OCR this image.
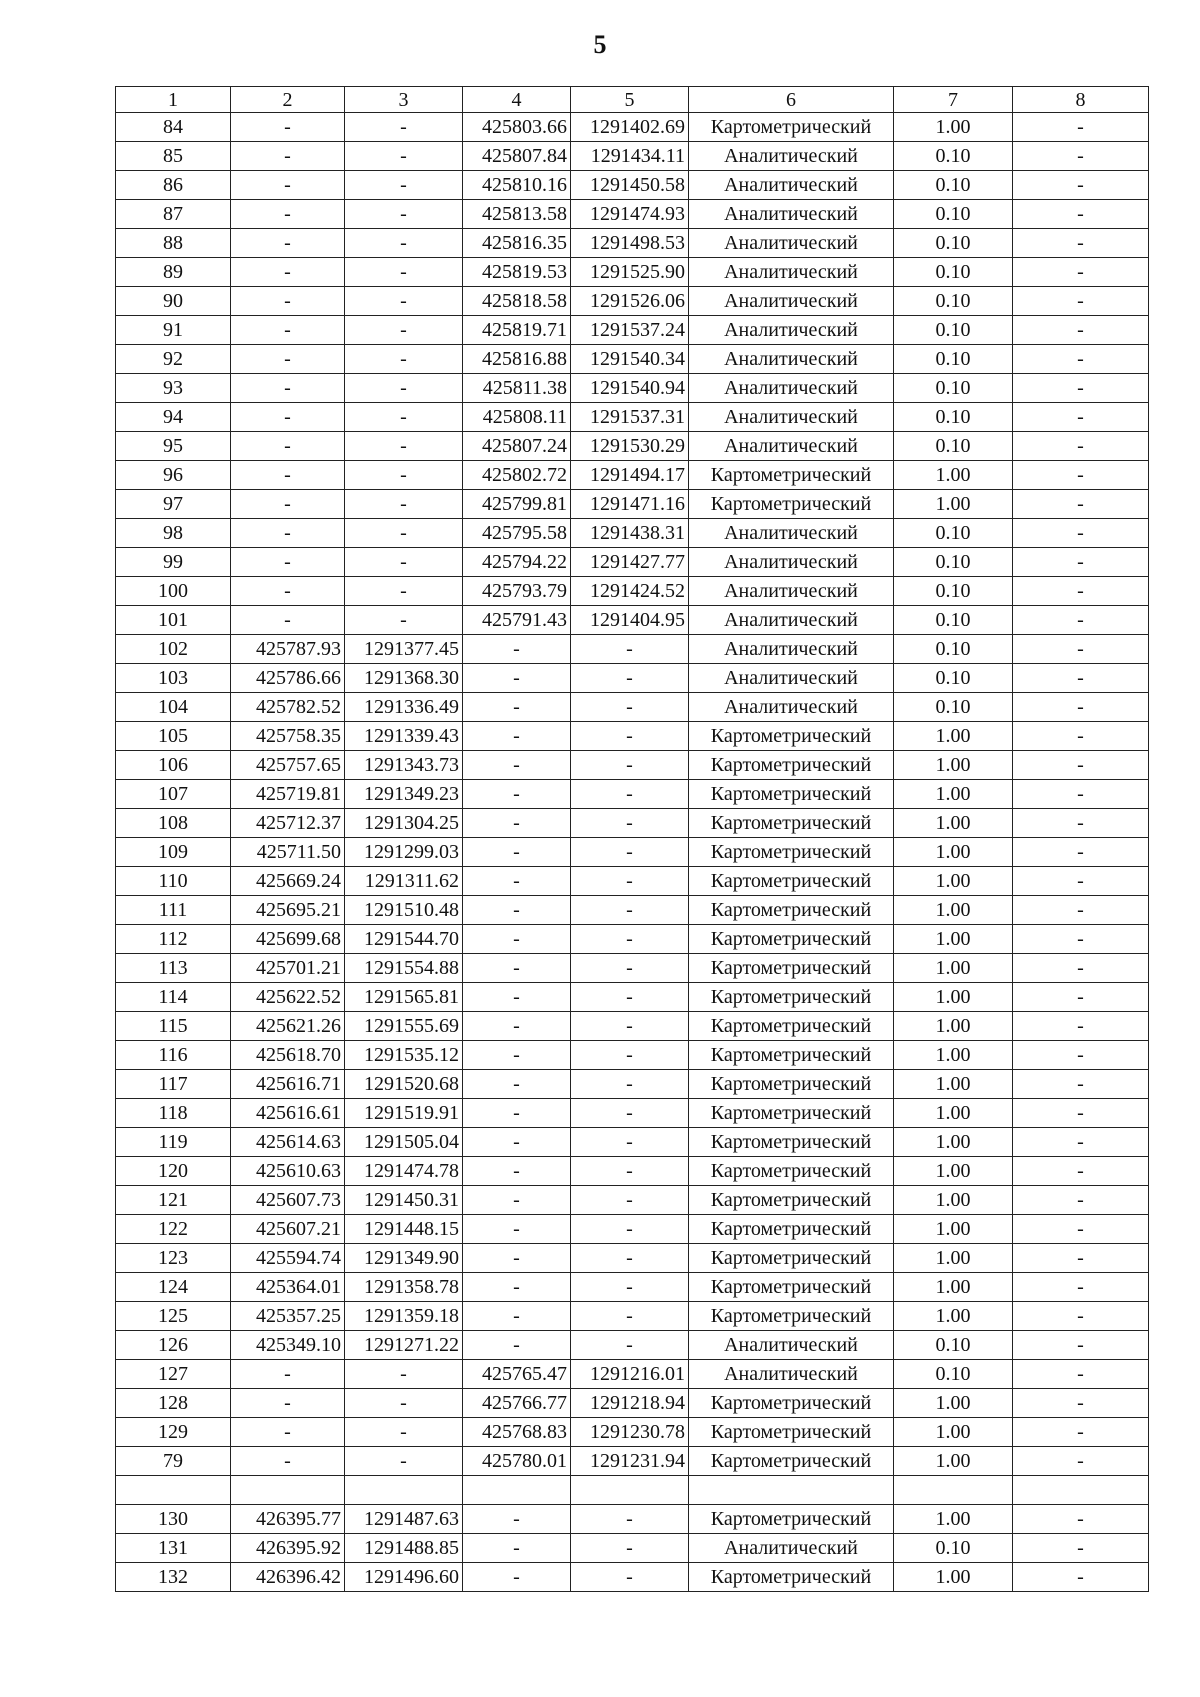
5
1	2	3	4	5	6	7	8
84	-	-	425803.66	1291402.69	Картометрический	1.00	-
85	-	-	425807.84	1291434.11	Аналитический	0.10	-
86	-	-	425810.16	1291450.58	Аналитический	0.10	-
87	-	-	425813.58	1291474.93	Аналитический	0.10	-
88	-	-	425816.35	1291498.53	Аналитический	0.10	-
89	-	-	425819.53	1291525.90	Аналитический	0.10	-
90	-	-	425818.58	1291526.06	Аналитический	0.10	-
91	-	-	425819.71	1291537.24	Аналитический	0.10	-
92	-	-	425816.88	1291540.34	Аналитический	0.10	-
93	-	-	425811.38	1291540.94	Аналитический	0.10	-
94	-	-	425808.11	1291537.31	Аналитический	0.10	-
95	-	-	425807.24	1291530.29	Аналитический	0.10	-
96	-	-	425802.72	1291494.17	Картометрический	1.00	-
97	-	-	425799.81	1291471.16	Картометрический	1.00	-
98	-	-	425795.58	1291438.31	Аналитический	0.10	-
99	-	-	425794.22	1291427.77	Аналитический	0.10	-
100	-	-	425793.79	1291424.52	Аналитический	0.10	-
101	-	-	425791.43	1291404.95	Аналитический	0.10	-
102	425787.93	1291377.45	-	-	Аналитический	0.10	-
103	425786.66	1291368.30	-	-	Аналитический	0.10	-
104	425782.52	1291336.49	-	-	Аналитический	0.10	-
105	425758.35	1291339.43	-	-	Картометрический	1.00	-
106	425757.65	1291343.73	-	-	Картометрический	1.00	-
107	425719.81	1291349.23	-	-	Картометрический	1.00	-
108	425712.37	1291304.25	-	-	Картометрический	1.00	-
109	425711.50	1291299.03	-	-	Картометрический	1.00	-
110	425669.24	1291311.62	-	-	Картометрический	1.00	-
111	425695.21	1291510.48	-	-	Картометрический	1.00	-
112	425699.68	1291544.70	-	-	Картометрический	1.00	-
113	425701.21	1291554.88	-	-	Картометрический	1.00	-
114	425622.52	1291565.81	-	-	Картометрический	1.00	-
115	425621.26	1291555.69	-	-	Картометрический	1.00	-
116	425618.70	1291535.12	-	-	Картометрический	1.00	-
117	425616.71	1291520.68	-	-	Картометрический	1.00	-
118	425616.61	1291519.91	-	-	Картометрический	1.00	-
119	425614.63	1291505.04	-	-	Картометрический	1.00	-
120	425610.63	1291474.78	-	-	Картометрический	1.00	-
121	425607.73	1291450.31	-	-	Картометрический	1.00	-
122	425607.21	1291448.15	-	-	Картометрический	1.00	-
123	425594.74	1291349.90	-	-	Картометрический	1.00	-
124	425364.01	1291358.78	-	-	Картометрический	1.00	-
125	425357.25	1291359.18	-	-	Картометрический	1.00	-
126	425349.10	1291271.22	-	-	Аналитический	0.10	-
127	-	-	425765.47	1291216.01	Аналитический	0.10	-
128	-	-	425766.77	1291218.94	Картометрический	1.00	-
129	-	-	425768.83	1291230.78	Картометрический	1.00	-
79	-	-	425780.01	1291231.94	Картометрический	1.00	-

130	426395.77	1291487.63	-	-	Картометрический	1.00	-
131	426395.92	1291488.85	-	-	Аналитический	0.10	-
132	426396.42	1291496.60	-	-	Картометрический	1.00	-
